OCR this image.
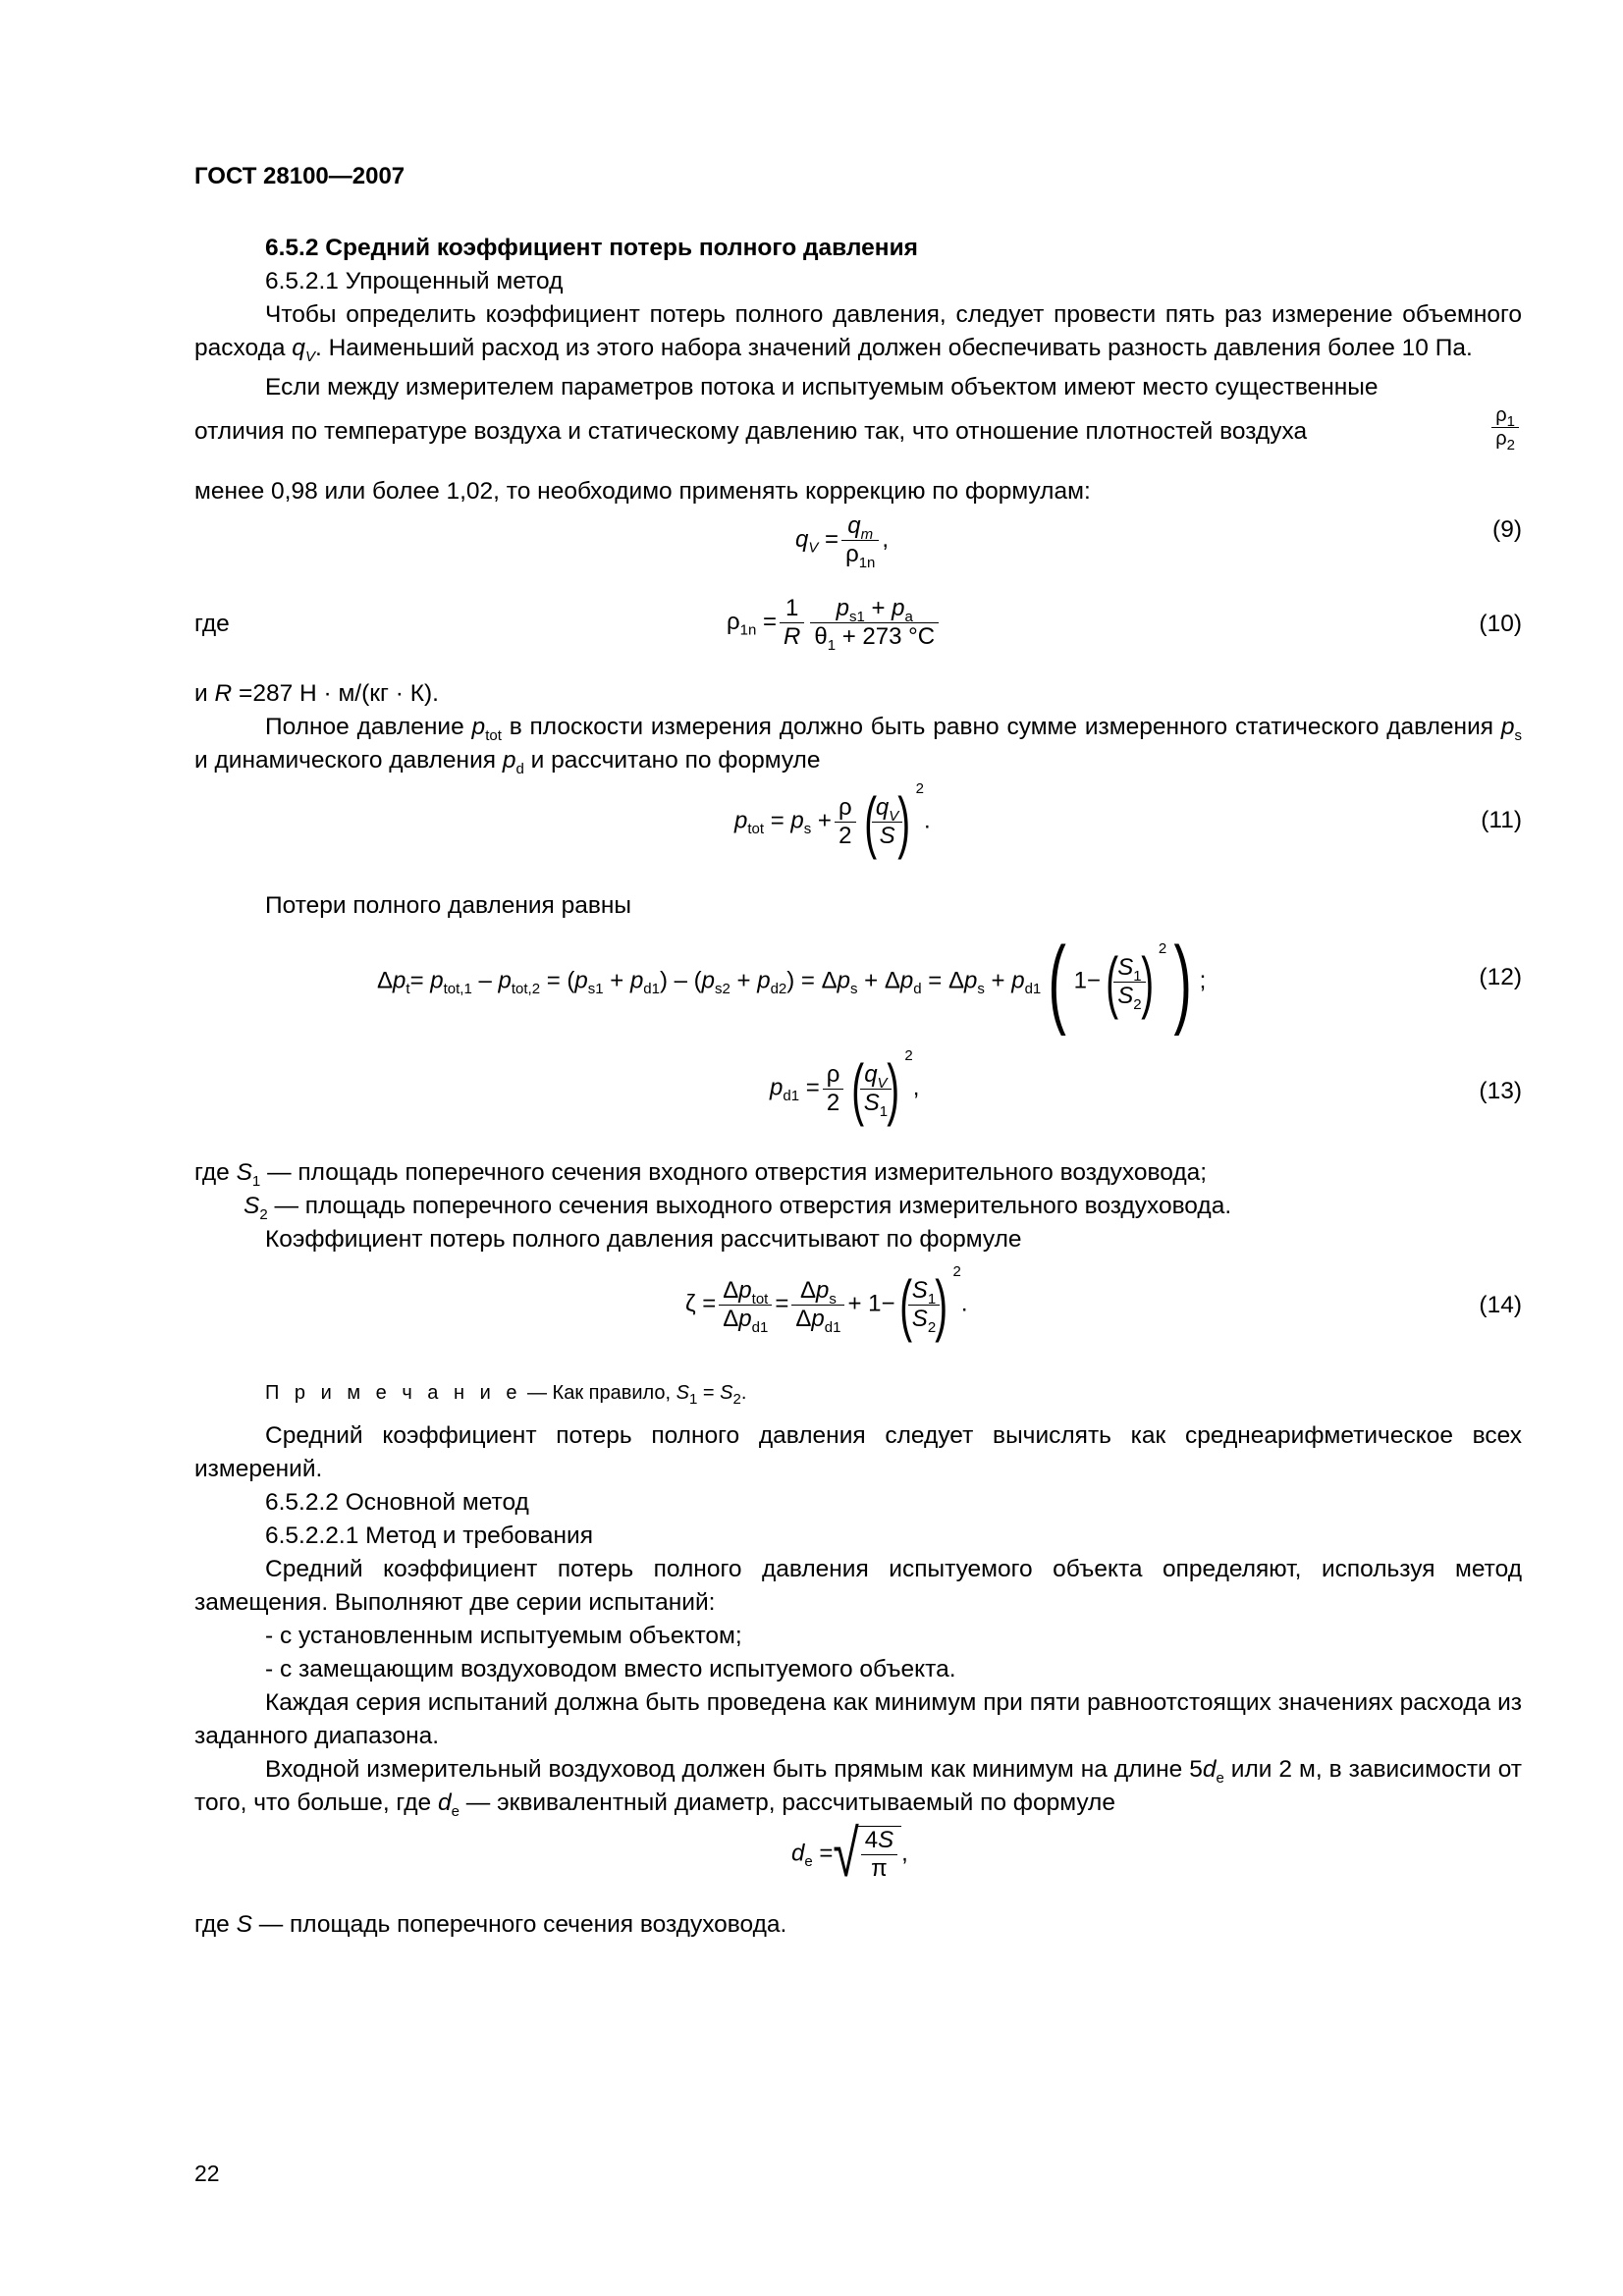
ГОСТ 28100—2007

6.5.2 Средний коэффициент потерь полного давления

6.5.2.1 Упрощенный метод

Чтобы определить коэффициент потерь полного давления, следует провести пять раз измерение объемного расхода $q_V$. Наименьший расход из этого набора значений должен обеспечивать разность давления более 10 Па.

Если между измерителем параметров потока и испытуемым объектом имеют место существенные

отличия по температуре воздуха и статическому давлению так, что отношение плотностей воздуха	$\frac{\rho_1}{\rho_2}$

менее 0,98 или более 1,02, то необходимо применять коррекцию по формулам:

$q_V = \frac{q_m}{\rho_{1n}}$ ,	(9)
где	$\rho_{1n} = \frac{1}{R} \frac{p_{s1} + p_a}{\theta_1 + 273 ^\circ C}$	(10)

и R =287 Н · м/(кг · К).

Полное давление $p_{tot}$ в плоскости измерения должно быть равно сумме измеренного статического давления $p_s$ и динамического давления $p_d$ и рассчитано по формуле

$p_{tot} = p_s + \frac{\rho}{2}$ (
$\frac{q_V}{S}$
) $^2$.	(11)

Потери полного давления равны

$\Delta p_t= p_{tot,1} - p_{tot,2} = (p_{s1} + p_{d1}) - (p_{s2} + p_{d2}) = \Delta p_s + \Delta p_d = \Delta p_s + p_{d1}$( 1−(
$\frac{S_1}{S_2}$
) $^2$) ;	(12)
$p_{d1} = \frac{\rho}{2}$ (
$\frac{q_V}{S_1}$
) $^2$,	(13)

где $S_1$ — площадь поперечного сечения входного отверстия измерительного воздуховода;

$S_2$ — площадь поперечного сечения выходного отверстия измерительного воздуховода.

Коэффициент потерь полного давления рассчитывают по формуле

$\zeta = \frac{\Delta p_{tot}}{\Delta p_{d1}} = \frac{\Delta p_s}{\Delta p_{d1}} + 1-$(
$\frac{S_1}{S_2}$
) $^2$.	(14)

П р и м е ч а н и е — Как правило, $S_1 = S_2$.

Средний коэффициент потерь полного давления следует вычислять как среднеарифметическое всех измерений.

6.5.2.2 Основной метод

6.5.2.2.1 Метод и требования

Средний коэффициент потерь полного давления испытуемого объекта определяют, используя метод замещения. Выполняют две серии испытаний:

- с установленным испытуемым объектом;

- с замещающим воздуховодом вместо испытуемого объекта.

Каждая серия испытаний должна быть проведена как минимум при пяти равноотстоящих значениях расхода из заданного диапазона.

Входной измерительный воздуховод должен быть прямым как минимум на длине $5d_e$ или 2 м, в зависимости от того, что больше, где $d_e$ — эквивалентный диаметр, рассчитываемый по формуле

$d_e$ =√ $\frac{4S}{\pi}$ ,

где S — площадь поперечного сечения воздуховода.

22
